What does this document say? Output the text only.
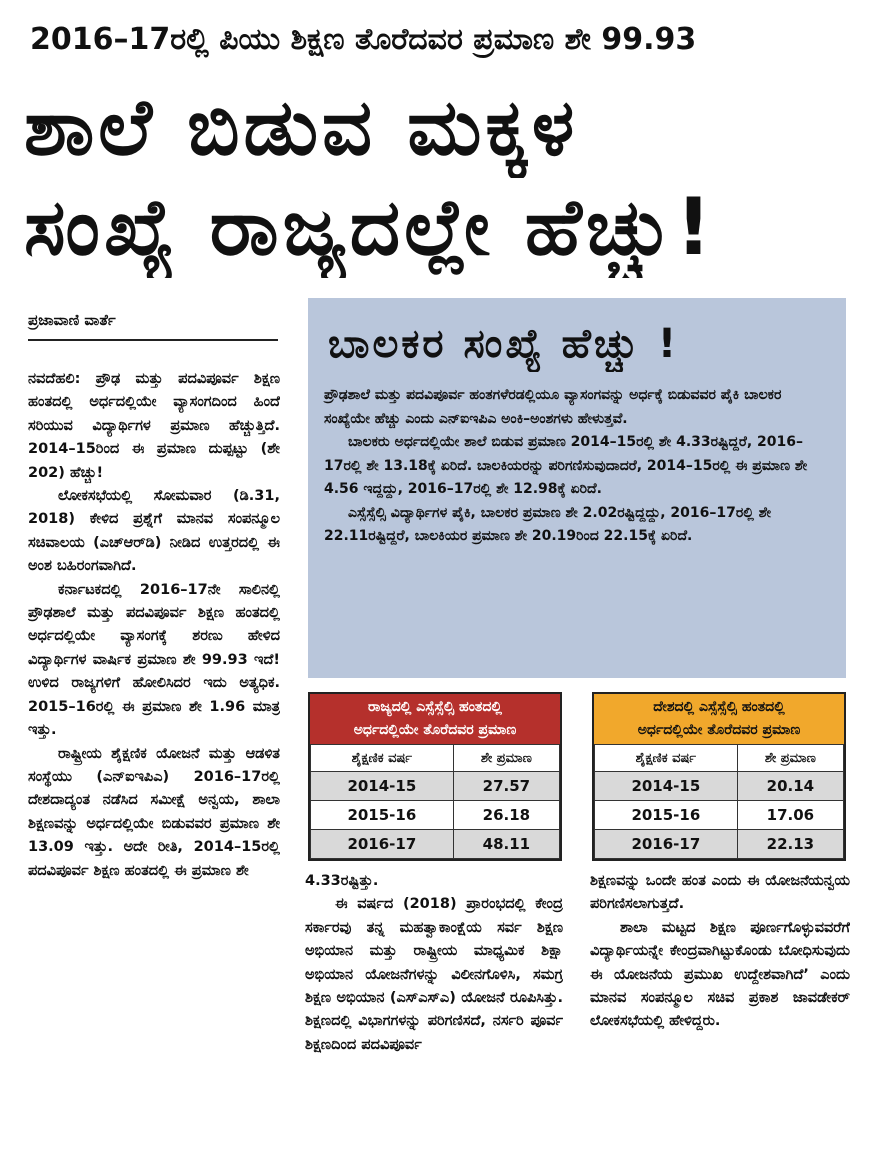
2016–17ರಲ್ಲಿ ಪಿಯು ಶಿಕ್ಷಣ ತೊರೆದವರ ಪ್ರಮಾಣ ಶೇ 99.93
ಶಾಲೆ ಬಿಡುವ ಮಕ್ಕಳ
ಸಂಖ್ಯೆ ರಾಜ್ಯದಲ್ಲೇ ಹೆಚ್ಚು!
ಪ್ರಜಾವಾಣಿ ವಾರ್ತೆ

ನವದೆಹಲಿ: ಪ್ರೌಢ ಮತ್ತು ಪದವಿಪೂರ್ವ ಶಿಕ್ಷಣ ಹಂತದಲ್ಲಿ ಅರ್ಧದಲ್ಲಿಯೇ ವ್ಯಾಸಂಗದಿಂದ ಹಿಂದೆ ಸರಿಯುವ ವಿದ್ಯಾರ್ಥಿಗಳ ಪ್ರಮಾಣ ಹೆಚ್ಚುತ್ತಿದೆ. 2014–15ರಿಂದ ಈ ಪ್ರಮಾಣ ದುಪ್ಪಟ್ಟು (ಶೇ 202) ಹೆಚ್ಚು!

ಲೋಕಸಭೆಯಲ್ಲಿ ಸೋಮವಾರ (ಡಿ.31, 2018) ಕೇಳಿದ ಪ್ರಶ್ನೆಗೆ ಮಾನವ ಸಂಪನ್ಮೂಲ ಸಚಿವಾಲಯ (ಎಚ್‌ಆರ್‌ಡಿ) ನೀಡಿದ ಉತ್ತರದಲ್ಲಿ ಈ ಅಂಶ ಬಹಿರಂಗವಾಗಿದೆ.

ಕರ್ನಾಟಕದಲ್ಲಿ 2016–17ನೇ ಸಾಲಿನಲ್ಲಿ ಪ್ರೌಢಶಾಲೆ ಮತ್ತು ಪದವಿಪೂರ್ವ ಶಿಕ್ಷಣ ಹಂತದಲ್ಲಿ ಅರ್ಧದಲ್ಲಿಯೇ ವ್ಯಾಸಂಗಕ್ಕೆ ಶರಣು ಹೇಳಿದ ವಿದ್ಯಾರ್ಥಿಗಳ ವಾರ್ಷಿಕ ಪ್ರಮಾಣ ಶೇ 99.93 ಇದೆ! ಉಳಿದ ರಾಜ್ಯಗಳಿಗೆ ಹೋಲಿಸಿದರ ಇದು ಅತ್ಯಧಿಕ. 2015–16ರಲ್ಲಿ ಈ ಪ್ರಮಾಣ ಶೇ 1.96 ಮಾತ್ರ ಇತ್ತು.

ರಾಷ್ಟ್ರೀಯ ಶೈಕ್ಷಣಿಕ ಯೋಜನೆ ಮತ್ತು ಆಡಳಿತ ಸಂಸ್ಥೆಯು (ಎನ್‌ಐಇಪಿಎ) 2016–17ರಲ್ಲಿ ದೇಶದಾದ್ಯಂತ ನಡೆಸಿದ ಸಮೀಕ್ಷೆ ಅನ್ವಯ, ಶಾಲಾ ಶಿಕ್ಷಣವನ್ನು ಅರ್ಧದಲ್ಲಿಯೇ ಬಿಡುವವರ ಪ್ರಮಾಣ ಶೇ 13.09 ಇತ್ತು. ಅದೇ ರೀತಿ, 2014–15ರಲ್ಲಿ ಪದವಿಪೂರ್ವ ಶಿಕ್ಷಣ ಹಂತದಲ್ಲಿ ಈ ಪ್ರಮಾಣ ಶೇ

ಬಾಲಕರ ಸಂಖ್ಯೆ ಹೆಚ್ಚು !

ಪ್ರೌಢಶಾಲೆ ಮತ್ತು ಪದವಿಪೂರ್ವ ಹಂತಗಳೆರಡಲ್ಲಿಯೂ ವ್ಯಾಸಂಗವನ್ನು ಅರ್ಧಕ್ಕೆ ಬಿಡುವವರ ಪೈಕಿ ಬಾಲಕರ ಸಂಖ್ಯೆಯೇ ಹೆಚ್ಚು ಎಂದು ಎನ್‌ಐಇಪಿಎ ಅಂಕಿ–ಅಂಶಗಳು ಹೇಳುತ್ತವೆ.

ಬಾಲಕರು ಅರ್ಧದಲ್ಲಿಯೇ ಶಾಲೆ ಬಿಡುವ ಪ್ರಮಾಣ 2014–15ರಲ್ಲಿ ಶೇ 4.33ರಷ್ಟಿದ್ದರೆ, 2016–17ರಲ್ಲಿ ಶೇ 13.18ಕ್ಕೆ ಏರಿದೆ. ಬಾಲಕಿಯರನ್ನು ಪರಿಗಣಿಸುವುದಾದರೆ, 2014–15ರಲ್ಲಿ ಈ ಪ್ರಮಾಣ ಶೇ 4.56 ಇದ್ದದ್ದು, 2016–17ರಲ್ಲಿ ಶೇ 12.98ಕ್ಕೆ ಏರಿದೆ.

ಎಸ್ಸೆಸ್ಸೆಲ್ಸಿ ವಿದ್ಯಾರ್ಥಿಗಳ ಪೈಕಿ, ಬಾಲಕರ ಪ್ರಮಾಣ ಶೇ 2.02ರಷ್ಟಿದ್ದದ್ದು, 2016–17ರಲ್ಲಿ ಶೇ 22.11ರಷ್ಟಿದ್ದರೆ, ಬಾಲಕಿಯರ ಪ್ರಮಾಣ ಶೇ 20.19ರಿಂದ 22.15ಕ್ಕೆ ಏರಿದೆ.

ರಾಜ್ಯದಲ್ಲಿ ಎಸ್ಸೆಸ್ಸೆಲ್ಸಿ ಹಂತದಲ್ಲಿ
ಅರ್ಧದಲ್ಲಿಯೇ ತೊರೆದವರ ಪ್ರಮಾಣ
ಶೈಕ್ಷಣಿಕ ವರ್ಷ	ಶೇ ಪ್ರಮಾಣ
2014-15	27.57
2015-16	26.18
2016-17	48.11
ದೇಶದಲ್ಲಿ ಎಸ್ಸೆಸ್ಸೆಲ್ಸಿ ಹಂತದಲ್ಲಿ
ಅರ್ಧದಲ್ಲಿಯೇ ತೊರೆದವರ ಪ್ರಮಾಣ
ಶೈಕ್ಷಣಿಕ ವರ್ಷ	ಶೇ ಪ್ರಮಾಣ
2014-15	20.14
2015-16	17.06
2016-17	22.13

4.33ರಷ್ಟಿತ್ತು.

ಈ ವರ್ಷದ (2018) ಪ್ರಾರಂಭದಲ್ಲಿ ಕೇಂದ್ರ ಸರ್ಕಾರವು ತನ್ನ ಮಹತ್ವಾಕಾಂಕ್ಷೆಯ ಸರ್ವ ಶಿಕ್ಷಣ ಅಭಿಯಾನ ಮತ್ತು ರಾಷ್ಟ್ರೀಯ ಮಾಧ್ಯಮಿಕ ಶಿಕ್ಷಾ ಅಭಿಯಾನ ಯೋಜನೆಗಳನ್ನು ವಿಲೀನಗೊಳಿಸಿ, ಸಮಗ್ರ ಶಿಕ್ಷಣ ಅಭಿಯಾನ (ಎಸ್‌ಎಸ್‌ಎ) ಯೋಜನೆ ರೂಪಿಸಿತ್ತು. ಶಿಕ್ಷಣದಲ್ಲಿ ವಿಭಾಗಗಳನ್ನು ಪರಿಗಣಿಸದೆ, ನರ್ಸರಿ ಪೂರ್ವ ಶಿಕ್ಷಣದಿಂದ ಪದವಿಪೂರ್ವ

ಶಿಕ್ಷಣವನ್ನು ಒಂದೇ ಹಂತ ಎಂದು ಈ ಯೋಜನೆಯನ್ವಯ ಪರಿಗಣಿಸಲಾಗುತ್ತದೆ.

ಶಾಲಾ ಮಟ್ಟದ ಶಿಕ್ಷಣ ಪೂರ್ಣಗೊಳ್ಳುವವರೆಗೆ ವಿದ್ಯಾರ್ಥಿಯನ್ನೇ ಕೇಂದ್ರವಾಗಿಟ್ಟುಕೊಂಡು ಬೋಧಿಸುವುದು ಈ ಯೋಜನೆಯ ಪ್ರಮುಖ ಉದ್ದೇಶವಾಗಿದೆ’ ಎಂದು ಮಾನವ ಸಂಪನ್ಮೂಲ ಸಚಿವ ಪ್ರಕಾಶ ಜಾವಡೇಕರ್ ಲೋಕಸಭೆಯಲ್ಲಿ ಹೇಳಿದ್ದರು.
